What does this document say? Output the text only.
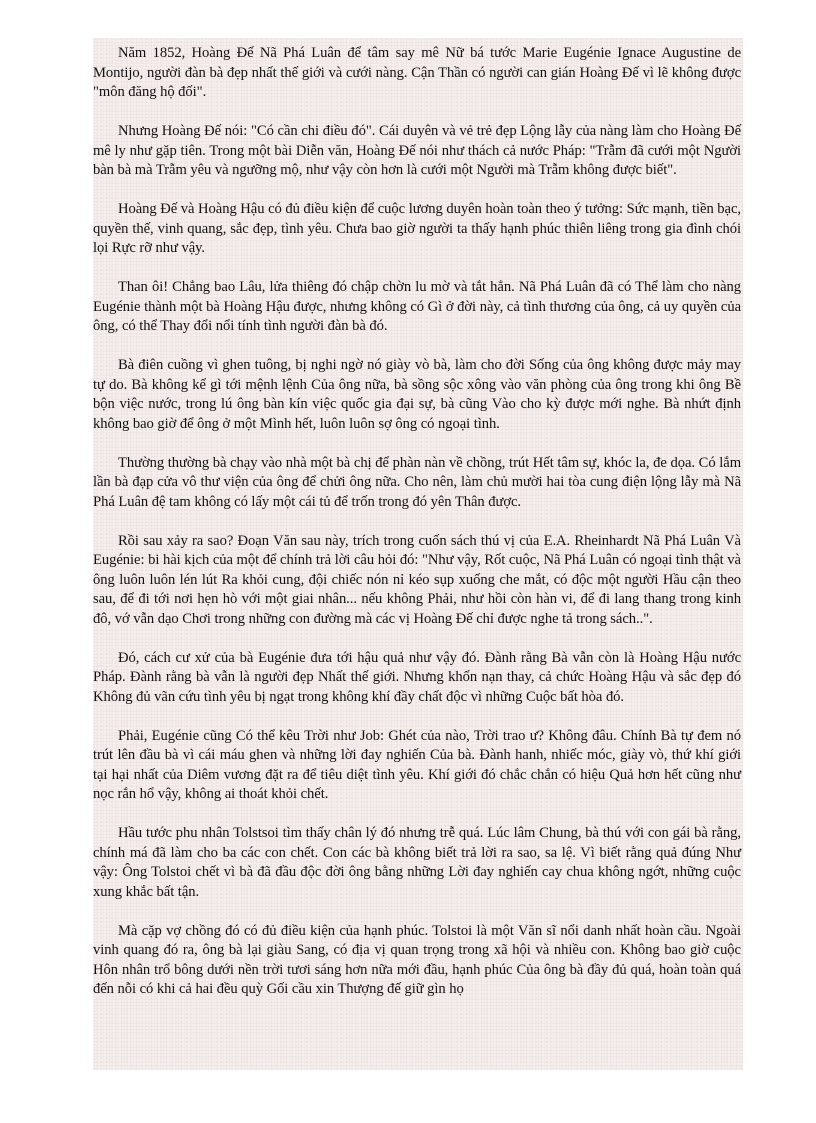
Năm 1852, Hoàng Đế Nã Phá Luân để tâm say mê Nữ bá tước Marie Eugénie Ignace Augustine de Montijo, người đàn bà đẹp nhất thế giới và cưới nàng. Cận Thần có người can gián Hoàng Đế vì lẽ không được "môn đăng hộ đối".

Nhưng Hoàng Đế nói: "Có cần chi điều đó". Cái duyên và vẻ trẻ đẹp Lộng lẫy của nàng làm cho Hoàng Đế mê ly như gặp tiên. Trong một bài Diễn văn, Hoàng Đế nói như thách cả nước Pháp: "Trẫm đã cưới một Người bàn bà mà Trẫm yêu và ngưỡng mộ, như vậy còn hơn là cưới một Người mà Trẫm không được biết".

Hoàng Đế và Hoàng Hậu có đủ điều kiện để cuộc lương duyên hoàn toàn theo ý tưởng: Sức mạnh, tiền bạc, quyền thế, vinh quang, sắc đẹp, tình yêu. Chưa bao giờ người ta thấy hạnh phúc thiên liêng trong gia đình chói lọi Rực rỡ như vậy.

Than ôi! Chẳng bao Lâu, lửa thiêng đó chập chờn lu mờ và tắt hẳn. Nã Phá Luân đã có Thể làm cho nàng Eugénie thành một bà Hoàng Hậu được, nhưng không có Gì ở đời này, cả tình thương của ông, cả uy quyền của ông, có thể Thay đổi nổi tính tình người đàn bà đó.

Bà điên cuồng vì ghen tuông, bị nghi ngờ nó giày vò bà, làm cho đời Sống của ông không được mảy may tự do. Bà không kể gì tới mệnh lệnh Của ông nữa, bà sồng sộc xông vào văn phòng của ông trong khi ông Bề bộn việc nước, trong lú ông bàn kín việc quốc gia đại sự, bà cũng Vào cho kỳ được mới nghe. Bà nhứt định không bao giờ để ông ở một Mình hết, luôn luôn sợ ông có ngoại tình.

Thường thường bà chạy vào nhà một bà chị để phàn nàn về chồng, trút Hết tâm sự, khóc la, đe dọa. Có lắm lần bà đạp cửa vô thư viện của ông để chửi ông nữa. Cho nên, làm chủ mười hai tòa cung điện lộng lẫy mà Nã Phá Luân đệ tam không có lấy một cái tủ để trốn trong đó yên Thân được.

Rồi sau xảy ra sao? Đoạn Văn sau này, trích trong cuốn sách thú vị của E.A. Rheinhardt Nã Phá Luân Và Eugénie: bi hài kịch của một để chính trả lời câu hỏi đó: "Như vậy, Rốt cuộc, Nã Phá Luân có ngoại tình thật và ông luôn luôn lén lút Ra khỏi cung, đội chiếc nón nỉ kéo sụp xuống che mắt, có độc một người Hầu cận theo sau, để đi tới nơi hẹn hò với một giai nhân... nếu không Phải, như hồi còn hàn vi, để đi lang thang trong kinh đô, vớ vẫn dạo Chơi trong những con đường mà các vị Hoàng Đế chỉ được nghe tả trong sách..".

Đó, cách cư xử của bà Eugénie đưa tới hậu quả như vậy đó. Đành rằng Bà vẫn còn là Hoàng Hậu nước Pháp. Đành rằng bà vẫn là người đẹp Nhất thế giới. Nhưng khốn nạn thay, cả chức Hoàng Hậu và sắc đẹp đó Không đủ vãn cứu tình yêu bị ngạt trong không khí đầy chất độc vì những Cuộc bất hòa đó.

Phải, Eugénie cũng Có thể kêu Trời như Job: Ghét của nào, Trời trao ư? Không đâu. Chính Bà tự đem nó trút lên đầu bà vì cái máu ghen và những lời đay nghiến Của bà. Đành hanh, nhiếc móc, giày vò, thứ khí giới tại hại nhất của Diêm vương đặt ra để tiêu diệt tình yêu. Khí giới đó chắc chắn có hiệu Quả hơn hết cũng như nọc rắn hổ vậy, không ai thoát khỏi chết.

Hầu tước phu nhân Tolstsoi tìm thấy chân lý đó nhưng trễ quá. Lúc lâm Chung, bà thú với con gái bà rằng, chính má đã làm cho ba các con chết. Con các bà không biết trả lời ra sao, sa lệ. Vì biết rằng quả đúng Như vậy: Ông Tolstoi chết vì bà đã đầu độc đời ông bằng những Lời đay nghiến cay chua không ngớt, những cuộc xung khắc bất tận.

Mà cặp vợ chồng đó có đủ điều kiện của hạnh phúc. Tolstoi là một Văn sĩ nổi danh nhất hoàn cầu. Ngoài vinh quang đó ra, ông bà lại giàu Sang, có địa vị quan trọng trong xã hội và nhiều con. Không bao giờ cuộc Hôn nhân trổ bông dưới nền trời tươi sáng hơn nữa mới đầu, hạnh phúc Của ông bà đầy đủ quá, hoàn toàn quá đến nỗi có khi cả hai đều quỳ Gối cầu xin Thượng đế giữ gìn họ
